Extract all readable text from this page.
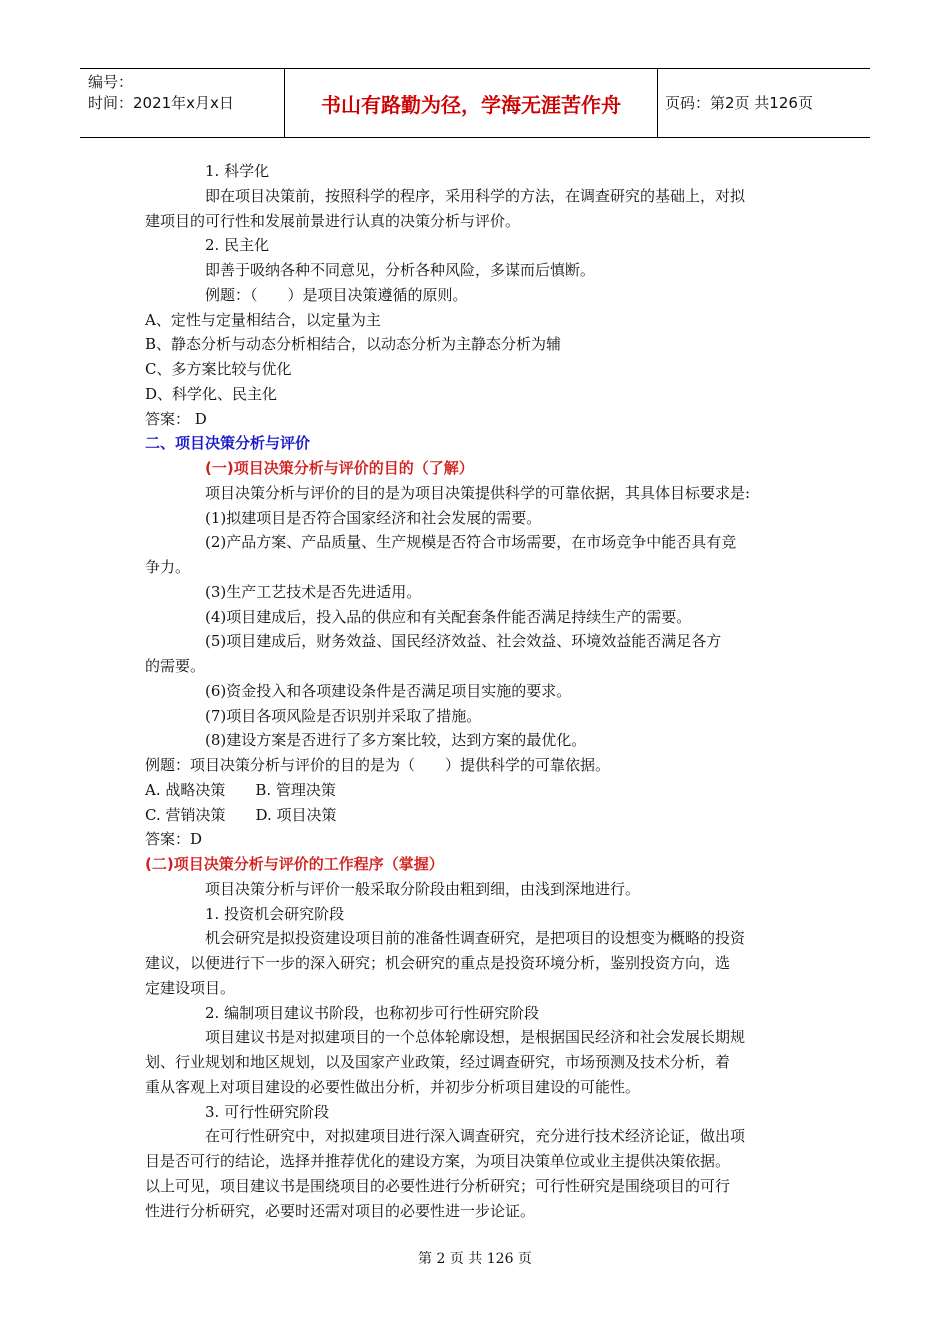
编号：
时间：2021年x月x日	书山有路勤为径，学海无涯苦作舟	页码：第2页 共126页
1. 科学化
即在项目决策前，按照科学的程序，采用科学的方法，在调查研究的基础上，对拟
建项目的可行性和发展前景进行认真的决策分析与评价。
2. 民主化
即善于吸纳各种不同意见，分析各种风险，多谋而后慎断。
例题：（　　）是项目决策遵循的原则。
A、定性与定量相结合，以定量为主
B、静态分析与动态分析相结合，以动态分析为主静态分析为辅
C、多方案比较与优化
D、科学化、民主化
答案： D
二、项目决策分析与评价
(一)项目决策分析与评价的目的（了解）
项目决策分析与评价的目的是为项目决策提供科学的可靠依据，其具体目标要求是:
(1)拟建项目是否符合国家经济和社会发展的需要。
(2)产品方案、产品质量、生产规模是否符合市场需要，在市场竞争中能否具有竞
争力。
(3)生产工艺技术是否先进适用。
(4)项目建成后，投入品的供应和有关配套条件能否满足持续生产的需要。
(5)项目建成后，财务效益、国民经济效益、社会效益、环境效益能否满足各方
的需要。
(6)资金投入和各项建设条件是否满足项目实施的要求。
(7)项目各项风险是否识别并采取了措施。
(8)建设方案是否进行了多方案比较，达到方案的最优化。
例题：项目决策分析与评价的目的是为（　　）提供科学的可靠依据。
A. 战略决策　　B. 管理决策
C. 营销决策　　D. 项目决策
答案：D
(二)项目决策分析与评价的工作程序（掌握）
项目决策分析与评价一般采取分阶段由粗到细，由浅到深地进行。
1. 投资机会研究阶段
机会研究是拟投资建设项目前的准备性调查研究，是把项目的设想变为概略的投资
建议，以便进行下一步的深入研究；机会研究的重点是投资环境分析，鉴别投资方向，选
定建设项目。
2. 编制项目建议书阶段，也称初步可行性研究阶段
项目建议书是对拟建项目的一个总体轮廓设想，是根据国民经济和社会发展长期规
划、行业规划和地区规划，以及国家产业政策，经过调查研究，市场预测及技术分析，着
重从客观上对项目建设的必要性做出分析，并初步分析项目建设的可能性。
3. 可行性研究阶段
在可行性研究中，对拟建项目进行深入调查研究，充分进行技术经济论证，做出项
目是否可行的结论，选择并推荐优化的建设方案，为项目决策单位或业主提供决策依据。
以上可见，项目建议书是围绕项目的必要性进行分析研究；可行性研究是围绕项目的可行
性进行分析研究，必要时还需对项目的必要性进一步论证。
第 2 页 共 126 页
